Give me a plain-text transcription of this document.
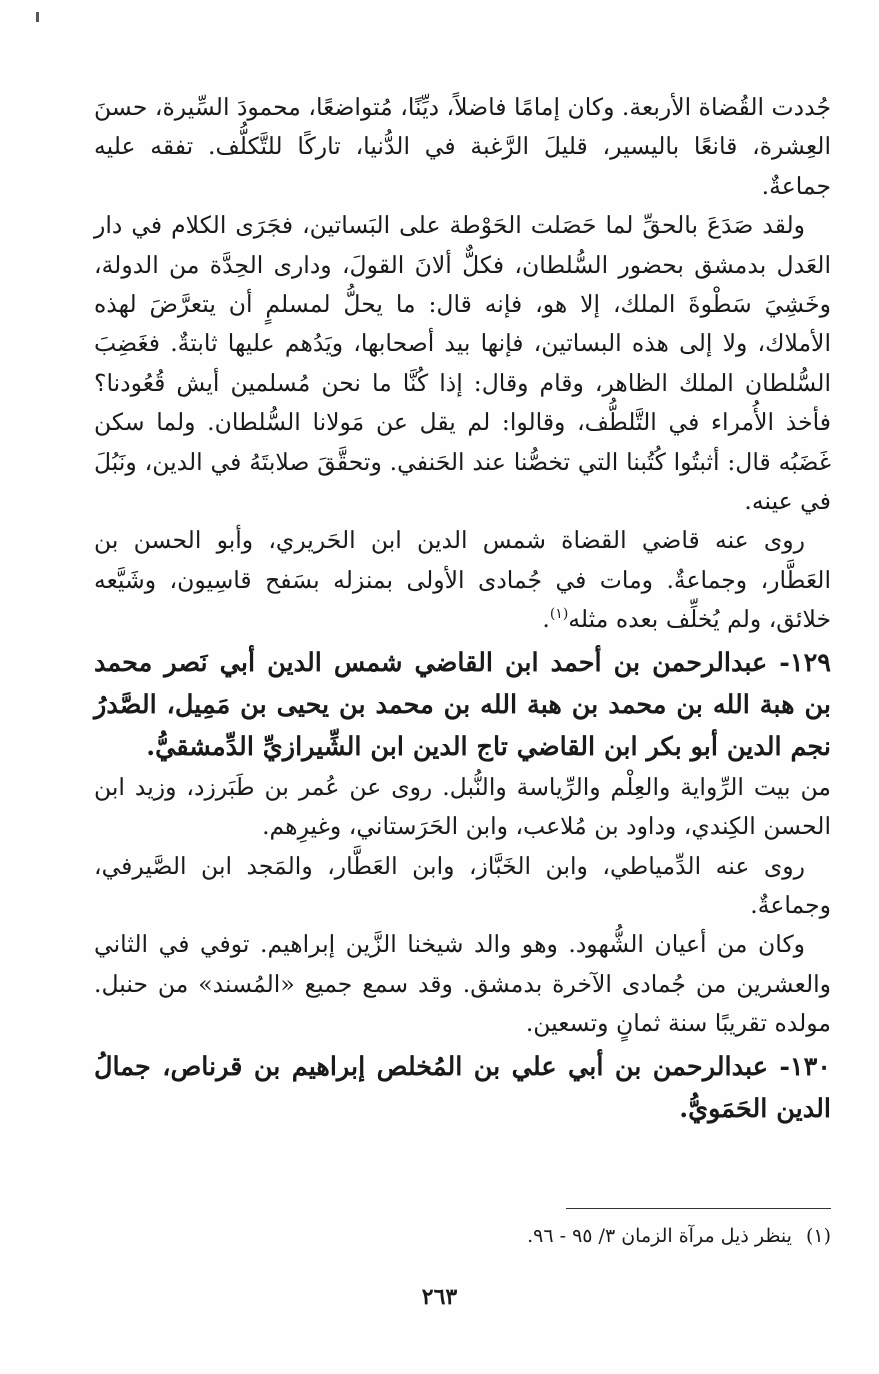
جُددت القُضاة الأربعة. وكان إمامًا فاضلاً، ديِّنًا، مُتواضعًا، محمودَ السِّيرة، حسنَ العِشرة، قانعًا باليسير، قليلَ الرَّغبة في الدُّنيا، تاركًا للتَّكلُّف. تفقه عليه جماعةٌ.

ولقد صَدَعَ بالحقِّ لما حَصَلت الحَوْطة على البَساتين، فجَرَى الكلام في دار العَدل بدمشق بحضور السُّلطان، فكلٌّ ألانَ القولَ، ودارى الحِدَّة من الدولة، وخَشِيَ سَطْوةَ الملك، إلا هو، فإنه قال: ما يحلُّ لمسلمٍ أن يتعرَّضَ لهذه الأملاك، ولا إلى هذه البساتين، فإنها بيد أصحابها، ويَدُهم عليها ثابتةٌ. فغَضِبَ السُّلطان الملك الظاهر، وقام وقال: إذا كُنَّا ما نحن مُسلمين أيش قُعُودنا؟ فأخذ الأُمراء في التَّلطُّف، وقالوا: لم يقل عن مَولانا السُّلطان. ولما سكن غَضَبُه قال: أثبتُوا كُتُبنا التي تخصُّنا عند الحَنفي. وتحقَّقَ صلابتَهُ في الدين، ونَبُلَ في عينه.

روى عنه قاضي القضاة شمس الدين ابن الحَريري، وأبو الحسن بن العَطَّار، وجماعةٌ. ومات في جُمادى الأولى بمنزله بسَفح قاسِيون، وشَيَّعه خلائق، ولم يُخلِّف بعده مثله$^{(١)}$.

١٢٩- عبدالرحمن بن أحمد ابن القاضي شمس الدين أبي نَصر محمد بن هبة الله بن محمد بن هبة الله بن محمد بن يحيى بن مَمِيل، الصَّدرُ نجم الدين أبو بكر ابن القاضي تاج الدين ابن الشِّيرازيِّ الدِّمشقيُّ.

من بيت الرِّواية والعِلْم والرِّياسة والنُّبل. روى عن عُمر بن طَبَرزد، وزيد ابن الحسن الكِندي، وداود بن مُلاعب، وابن الحَرَستاني، وغيرِهم.

روى عنه الدِّمياطي، وابن الخَبَّاز، وابن العَطَّار، والمَجد ابن الصَّيرفي، وجماعةٌ.

وكان من أعيان الشُّهود. وهو والد شيخنا الزَّين إبراهيم. توفي في الثاني والعشرين من جُمادى الآخرة بدمشق. وقد سمع جميع «المُسند» من حنبل. مولده تقريبًا سنة ثمانٍ وتسعين.

١٣٠- عبدالرحمن بن أبي علي بن المُخلص إبراهيم بن قرناص، جمالُ الدين الحَمَويُّ.

(١)ينظر ذيل مرآة الزمان ٣/ ٩٥ - ٩٦.
٢٦٣
